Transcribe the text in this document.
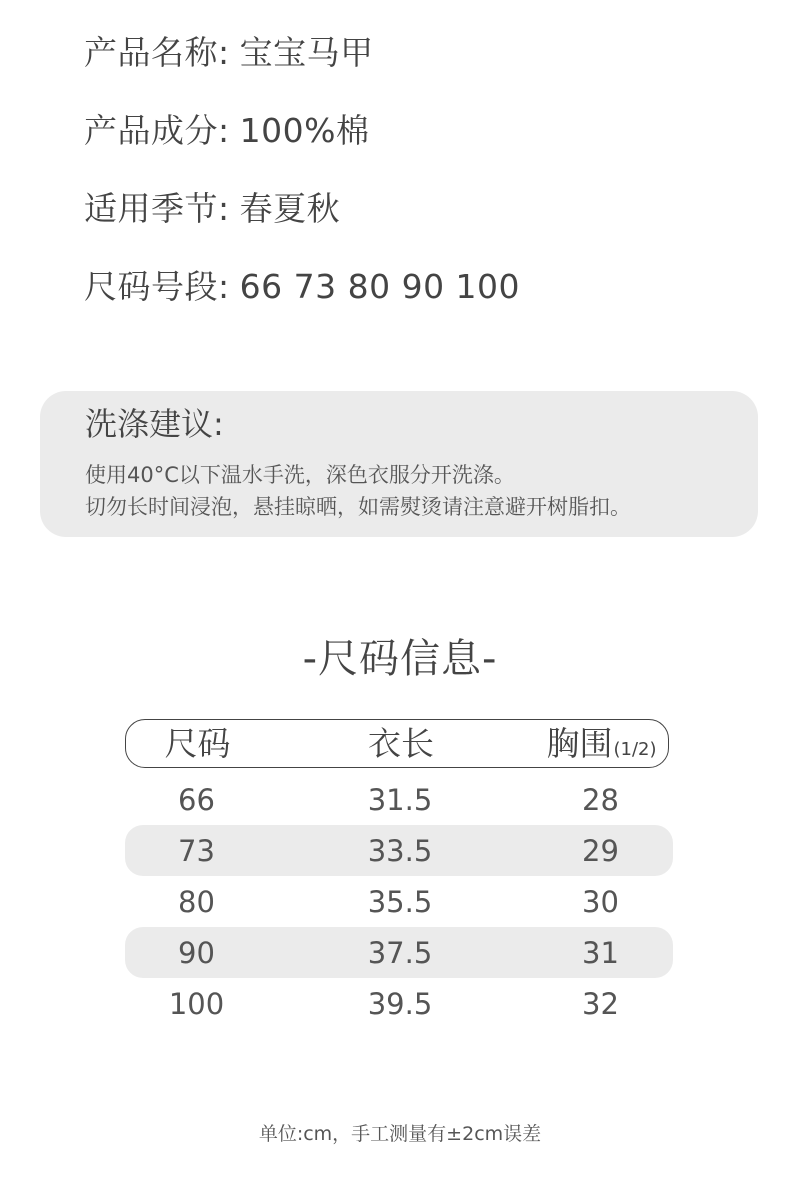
产品名称: 宝宝马甲
产品成分: 100%棉
适用季节: 春夏秋
尺码号段: 66 73 80 90 100
洗涤建议:
使用40°C以下温水手洗，深色衣服分开洗涤。
切勿长时间浸泡，悬挂晾晒，如需熨烫请注意避开树脂扣。
-尺码信息-
尺码	衣长	胸围(1/2)
66	31.5	28
73	33.5	29
80	35.5	30
90	37.5	31
100	39.5	32
单位:cm，手工测量有±2cm误差
